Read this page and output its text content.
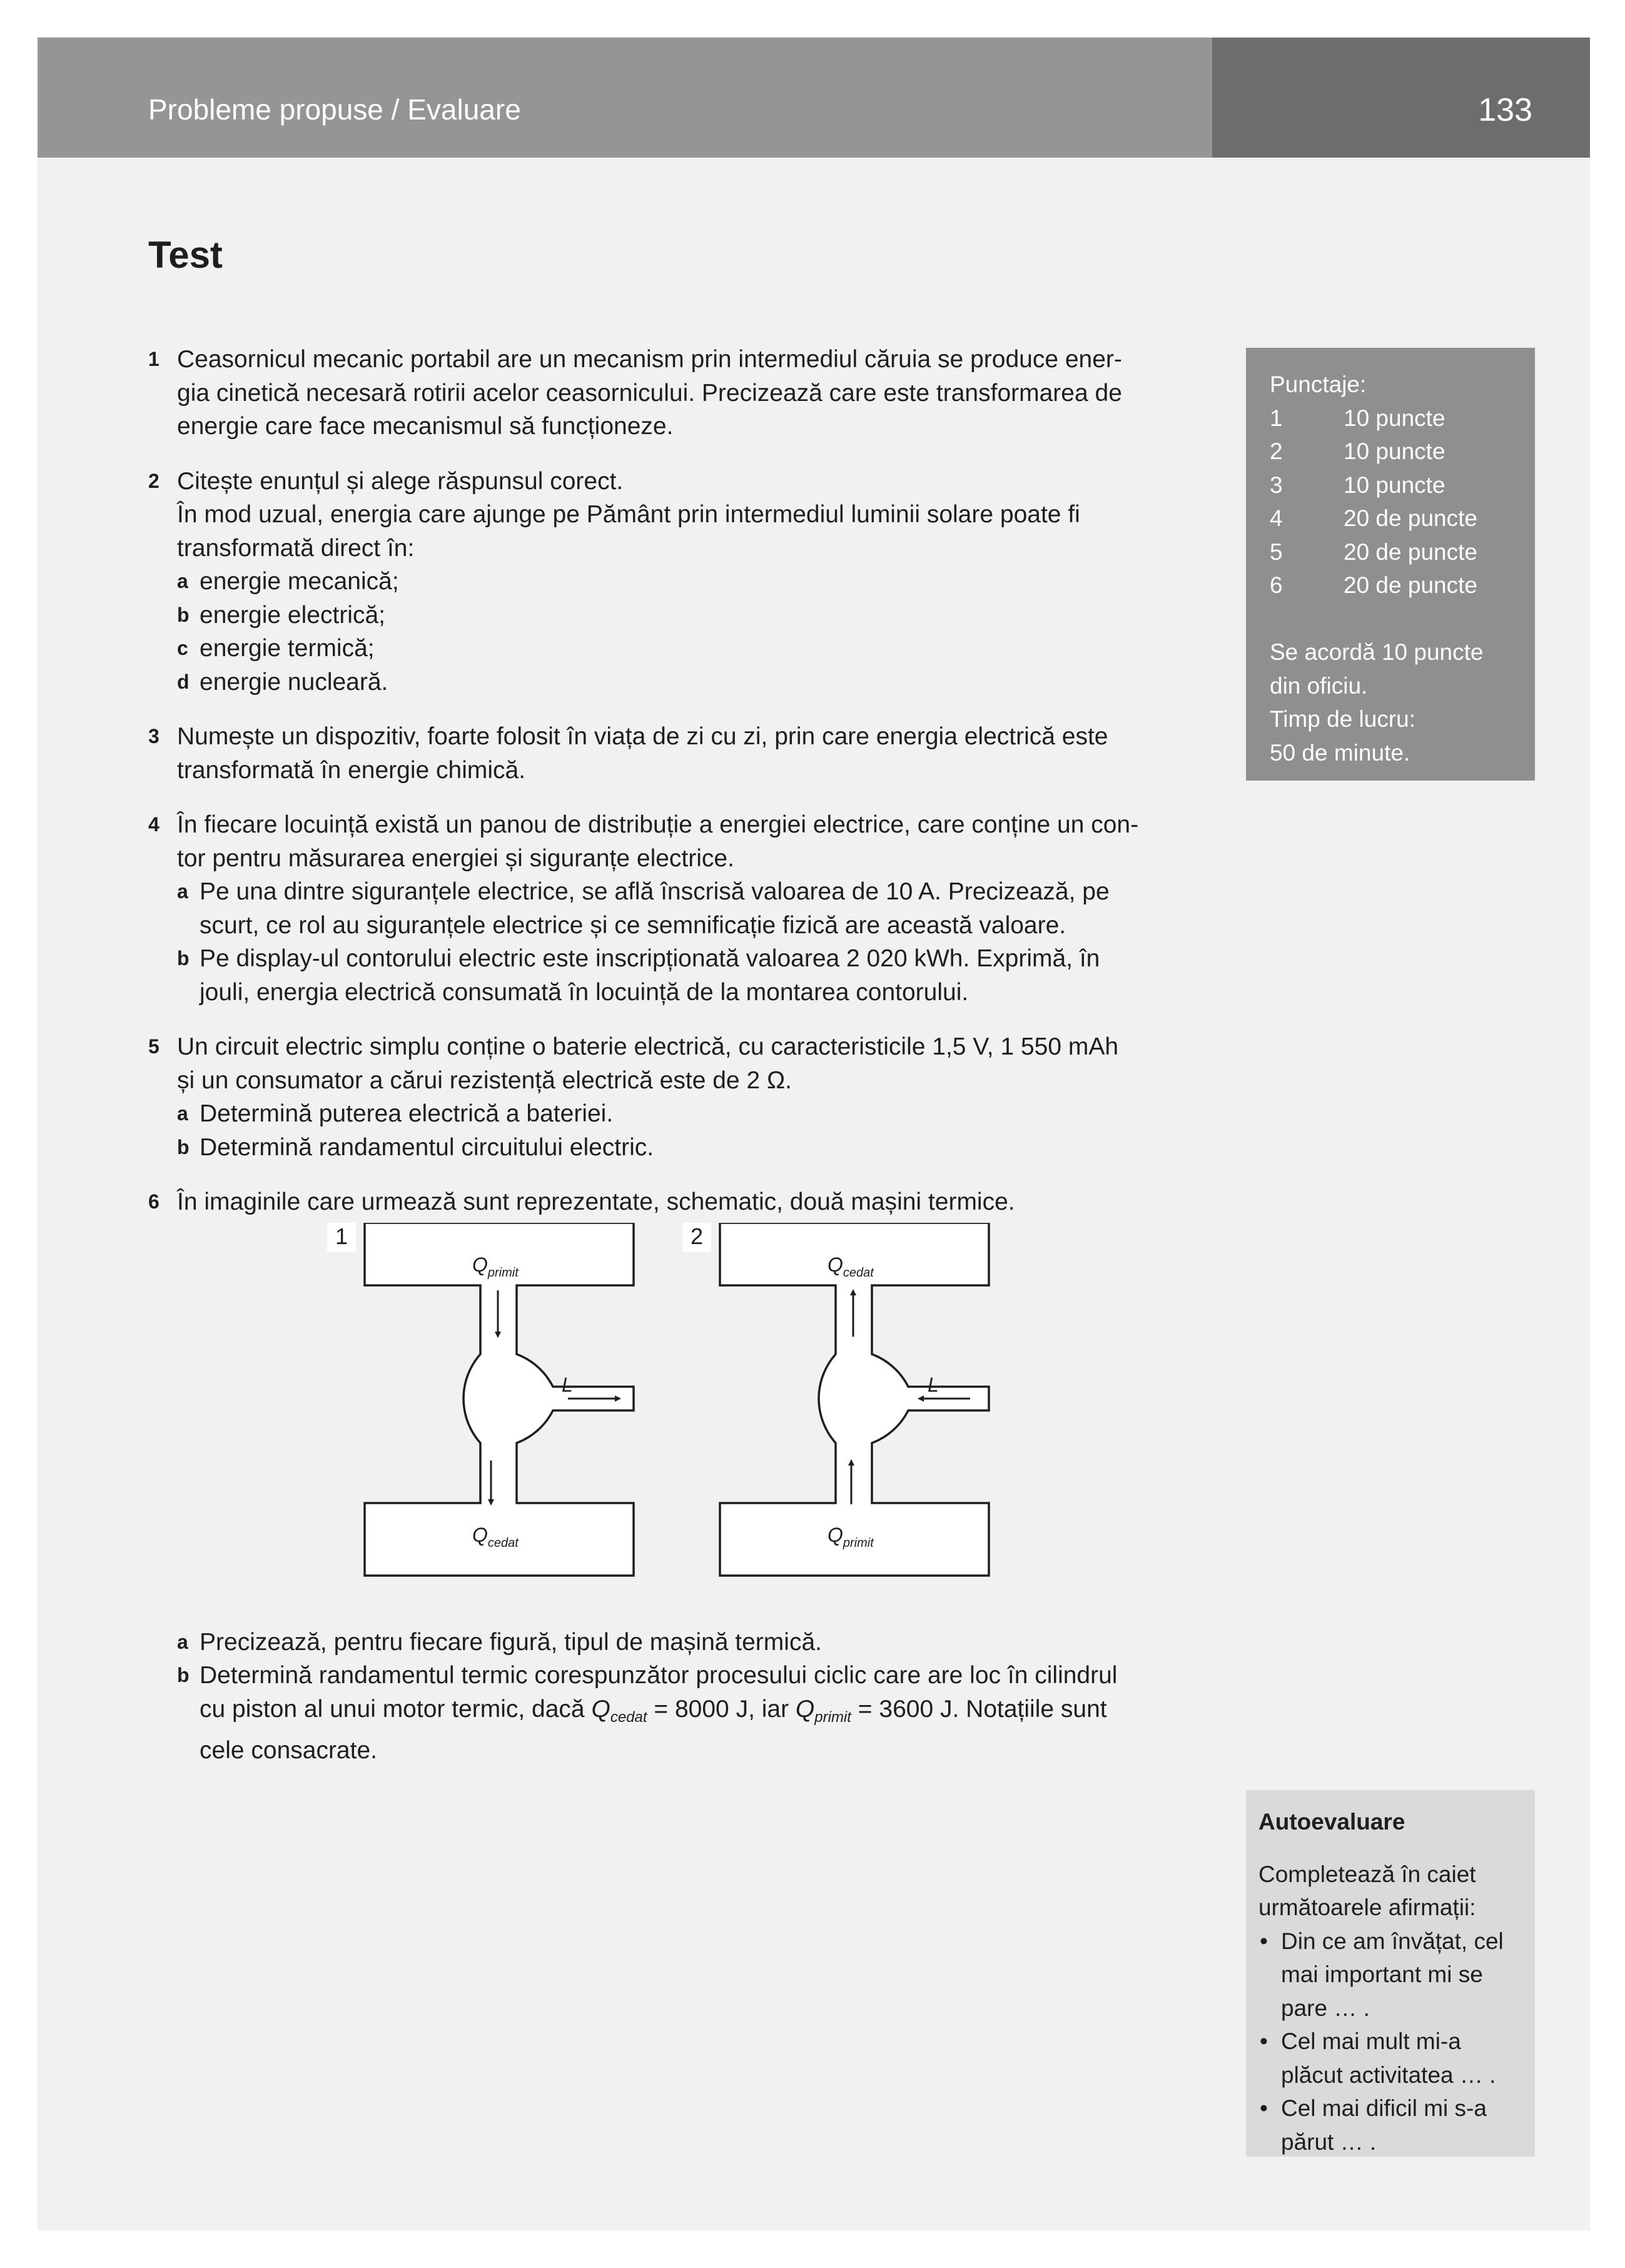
Probleme propuse / Evaluare	133
Test
1 Ceasornicul mecanic portabil are un mecanism prin intermediul căruia se produce ener-
gia cinetică necesară rotirii acelor ceasornicului. Precizează care este transformarea de
energie care face mecanismul să funcționeze.
2 Citește enunțul și alege răspunsul corect.
În mod uzual, energia care ajunge pe Pământ prin intermediul luminii solare poate fi
transformată direct în:
a energie mecanică;
b energie electrică;
c energie termică;
d energie nucleară.
3 Numește un dispozitiv, foarte folosit în viața de zi cu zi, prin care energia electrică este
transformată în energie chimică.
4 În fiecare locuință există un panou de distribuție a energiei electrice, care conține un con-
tor pentru măsurarea energiei și siguranțe electrice.
a Pe una dintre siguranțele electrice, se află înscrisă valoarea de 10 A. Precizează, pe
scurt, ce rol au siguranțele electrice și ce semnificație fizică are această valoare.
b Pe display-ul contorului electric este inscripționată valoarea 2 020 kWh. Exprimă, în
jouli, energia electrică consumată în locuință de la montarea contorului.
5 Un circuit electric simplu conține o baterie electrică, cu caracteristicile 1,5 V, 1 550 mAh
și un consumator a cărui rezistență electrică este de 2 Ω.
a Determină puterea electrică a bateriei.
b Determină randamentul circuitului electric.
6 În imaginile care urmează sunt reprezentate, schematic, două mașini termice.
1
$Q_{primit}$
$Q_{cedat}$
L
2
$Q_{cedat}$
$Q_{primit}$
L
a Precizează, pentru fiecare figură, tipul de mașină termică.
b Determină randamentul termic corespunzător procesului ciclic care are loc în cilindrul
cu piston al unui motor termic, dacă $Q_{cedat} = 8000$ J, iar $Q_{primit} = 3600$ J. Notațiile sunt
cele consacrate.
Punctaje:
1	10 puncte
2	10 puncte
3	10 puncte
4	20 de puncte
5	20 de puncte
6	20 de puncte
Se acordă 10 puncte
din oficiu.
Timp de lucru:
50 de minute.
Autoevaluare
Completează în caiet
următoarele afirmații:
• Din ce am învățat, cel
mai important mi se
pare … .
• Cel mai mult mi-a
plăcut activitatea … .
• Cel mai dificil mi s-a
părut … .
